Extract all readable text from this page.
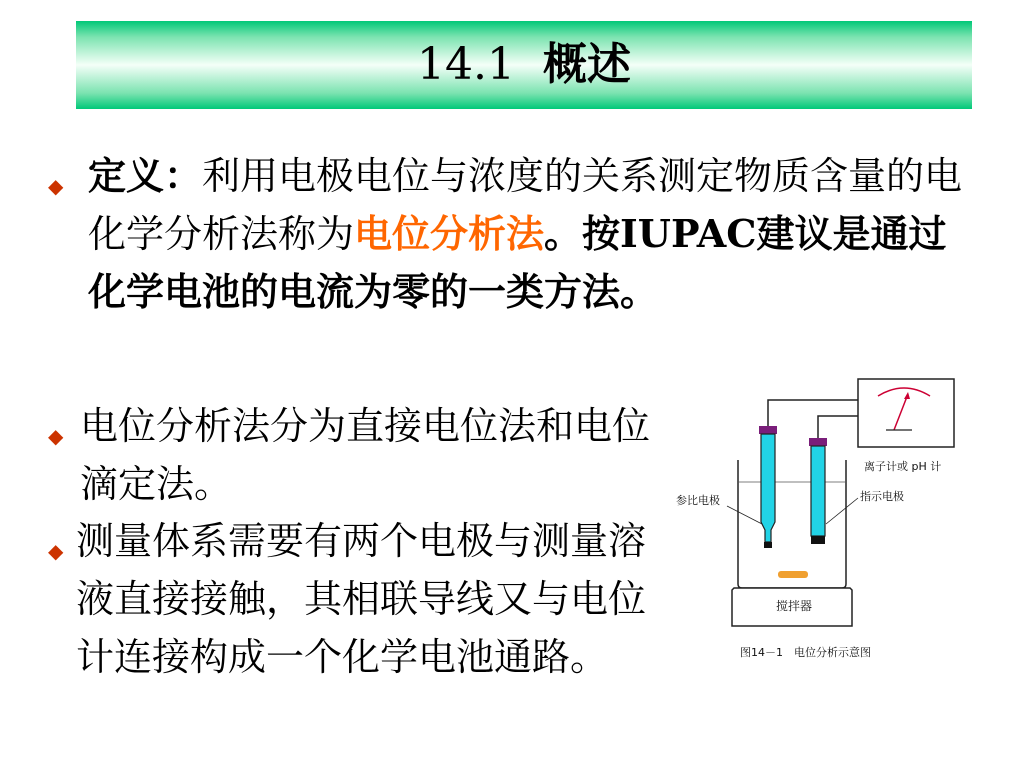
14.1 概述
◆ 定义：利用电极电位与浓度的关系测定物质含量的电化学分析法称为电位分析法。按IUPAC建议是通过化学电池的电流为零的一类方法。
◆ 电位分析法分为直接电位法和电位滴定法。
◆ 测量体系需要有两个电极与测量溶液直接接触，其相联导线又与电位计连接构成一个化学电池通路。
离子计或 pH 计
参比电极	指示电极
搅拌器
图14－1　电位分析示意图
